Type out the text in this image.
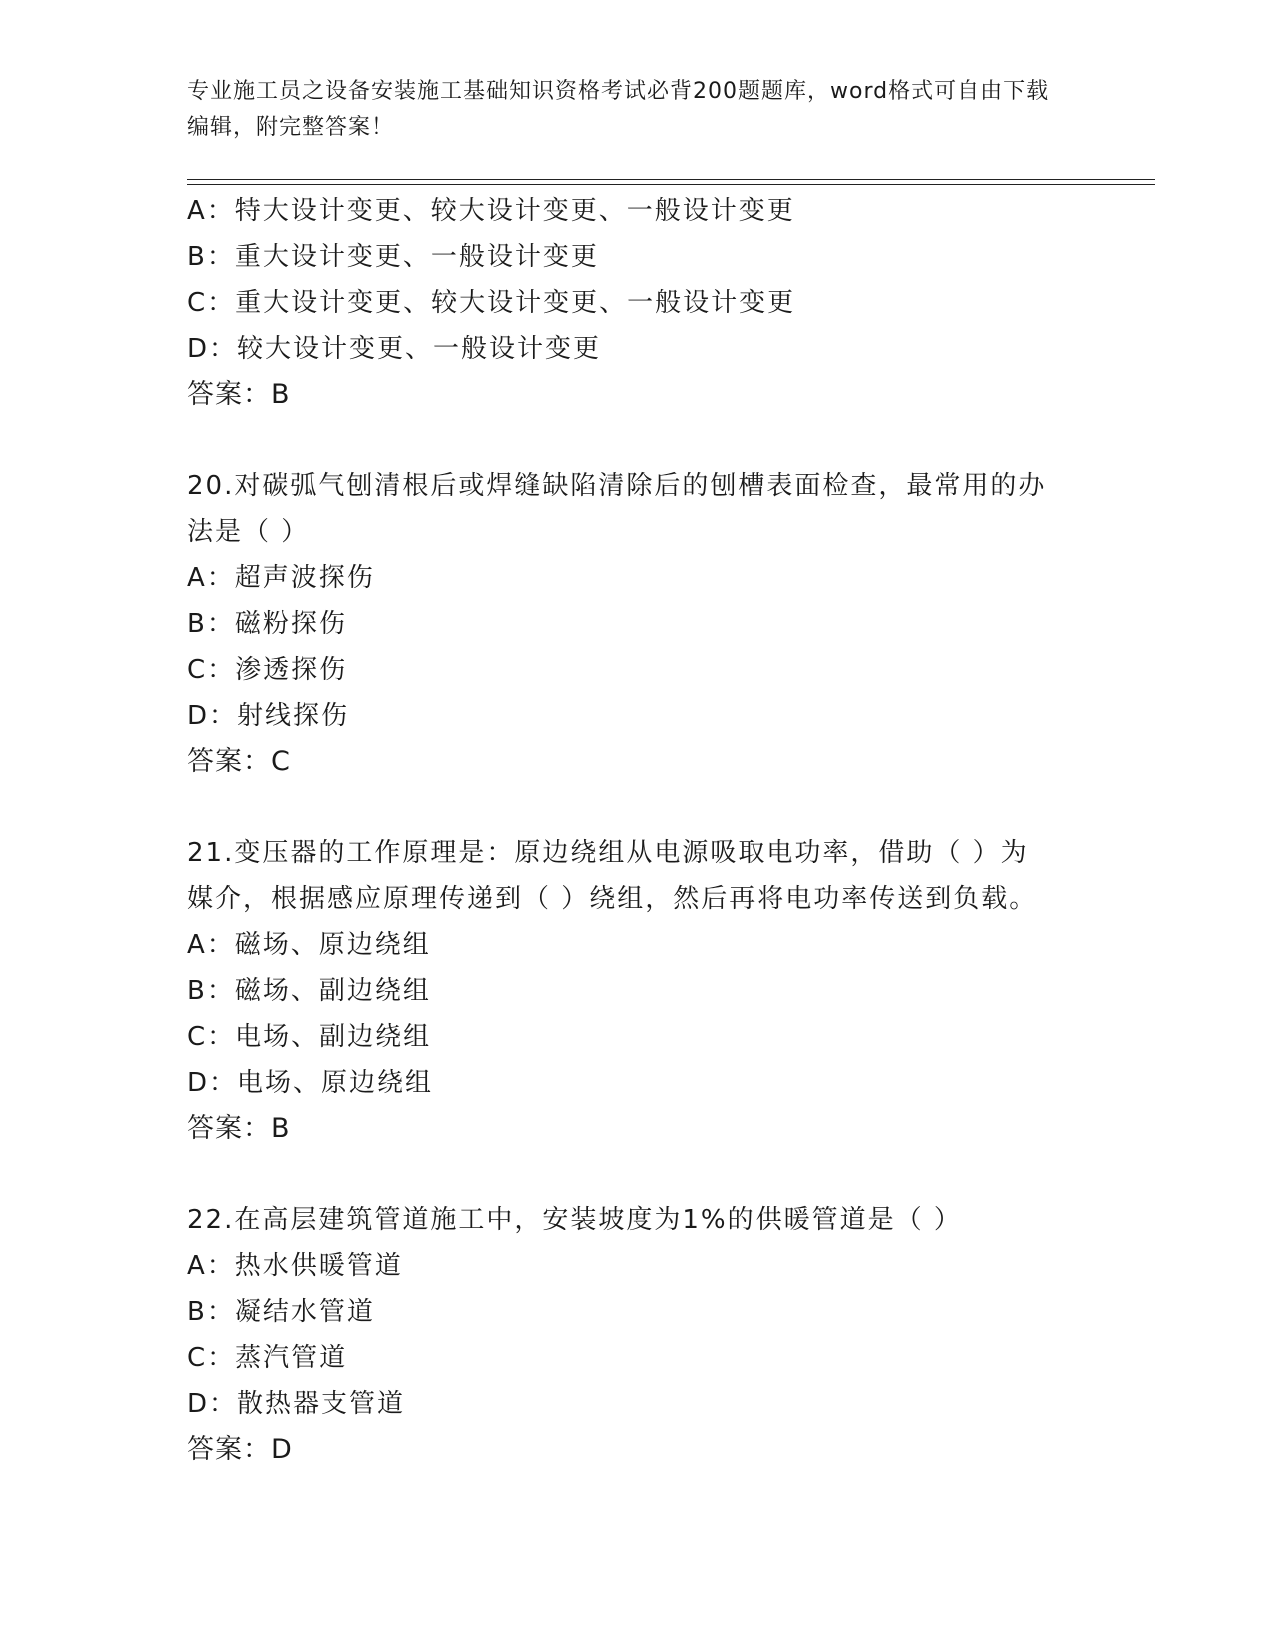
专业施工员之设备安装施工基础知识资格考试必背200题题库，word格式可自由下载编辑，附完整答案！
A：特大设计变更、较大设计变更、一般设计变更
B：重大设计变更、一般设计变更
C：重大设计变更、较大设计变更、一般设计变更
D：较大设计变更、一般设计变更
答案：B
20.对碳弧气刨清根后或焊缝缺陷清除后的刨槽表面检查，最常用的办
法是（ ）
A：超声波探伤
B：磁粉探伤
C：渗透探伤
D：射线探伤
答案：C
21.变压器的工作原理是：原边绕组从电源吸取电功率，借助（ ）为
媒介，根据感应原理传递到（ ）绕组，然后再将电功率传送到负载。
A：磁场、原边绕组
B：磁场、副边绕组
C：电场、副边绕组
D：电场、原边绕组
答案：B
22.在高层建筑管道施工中，安装坡度为1%的供暖管道是（ ）
A：热水供暖管道
B：凝结水管道
C：蒸汽管道
D：散热器支管道
答案：D
